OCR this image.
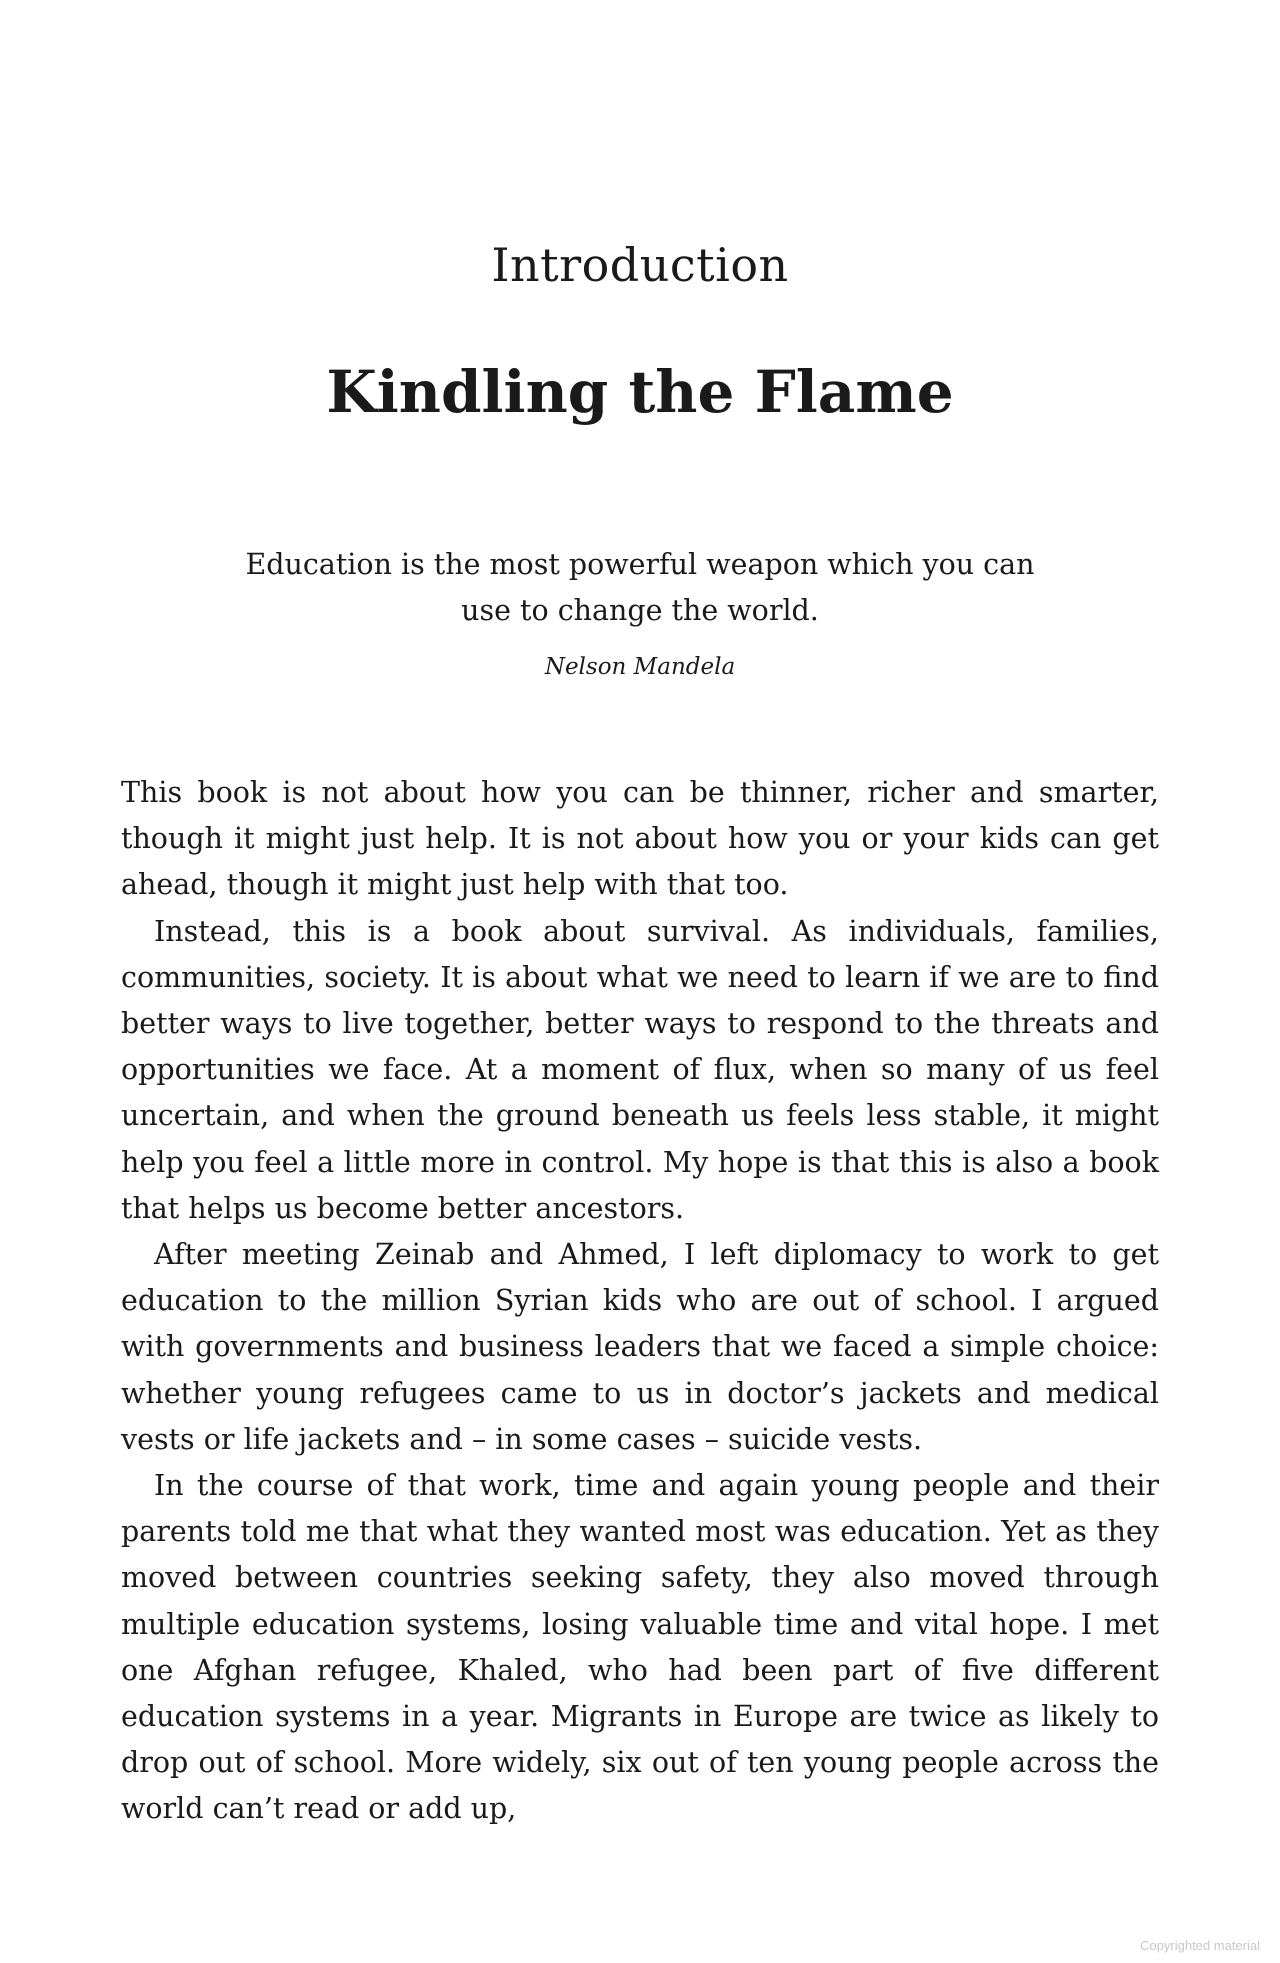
Introduction
Kindling the Flame

Education is the most powerful weapon which you can use to change the world.

Nelson Mandela

This book is not about how you can be thinner, richer and smarter, though it might just help. It is not about how you or your kids can get ahead, though it might just help with that too.

Instead, this is a book about survival. As individuals, families, communities, society. It is about what we need to learn if we are to find better ways to live together, better ways to respond to the threats and opportunities we face. At a moment of flux, when so many of us feel uncertain, and when the ground beneath us feels less stable, it might help you feel a little more in control. My hope is that this is also a book that helps us become better ancestors.

After meeting Zeinab and Ahmed, I left diplomacy to work to get education to the million Syrian kids who are out of school. I argued with governments and business leaders that we faced a simple choice: whether young refugees came to us in doctor’s jackets and medical vests or life jackets and – in some cases – suicide vests.

In the course of that work, time and again young people and their parents told me that what they wanted most was education. Yet as they moved between countries seeking safety, they also moved through multiple education systems, losing valuable time and vital hope. I met one Afghan refugee, Khaled, who had been part of five different education systems in a year. Migrants in Europe are twice as likely to drop out of school. More widely, six out of ten young people across the world can’t read or add up,

Copyrighted material
